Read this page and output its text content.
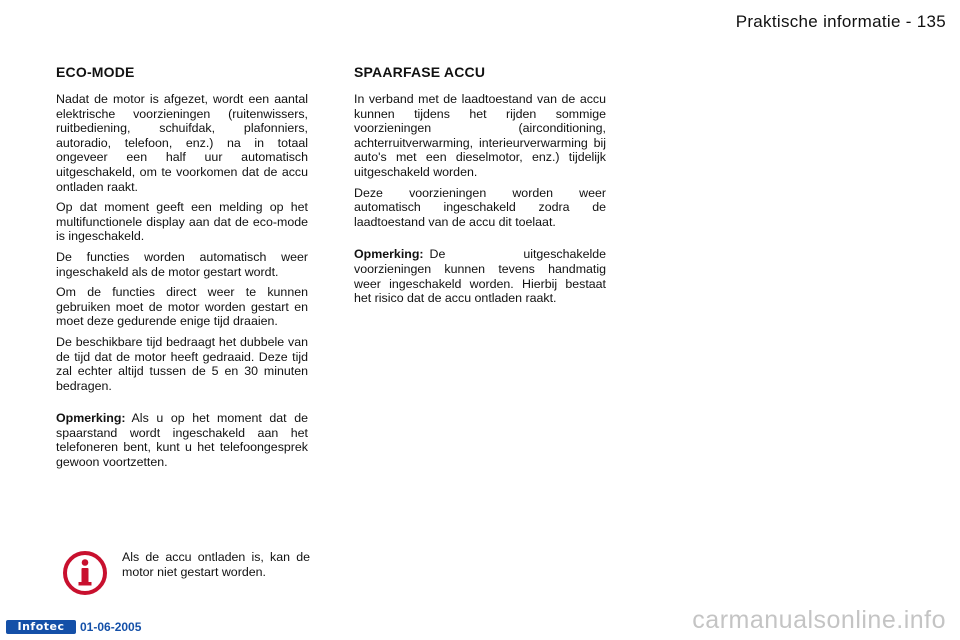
Praktische informatie - 135
ECO-MODE

Nadat de motor is afgezet, wordt een aantal elektrische voorzieningen (ruitenwissers, ruitbediening, schuifdak, plafonniers, autoradio, telefoon, enz.) na in totaal ongeveer een half uur automatisch uitgeschakeld, om te voorkomen dat de accu ontladen raakt.

Op dat moment geeft een melding op het multifunctionele display aan dat de eco-mode is ingeschakeld.

De functies worden automatisch weer ingeschakeld als de motor gestart wordt.

Om de functies direct weer te kunnen gebruiken moet de motor worden gestart en moet deze gedurende enige tijd draaien.

De beschikbare tijd bedraagt het dubbele van de tijd dat de motor heeft gedraaid. Deze tijd zal echter altijd tussen de 5 en 30 minuten bedragen.

Opmerking: Als u op het moment dat de spaarstand wordt ingeschakeld aan het telefoneren bent, kunt u het telefoongesprek gewoon voortzetten.

Als de accu ontladen is, kan de motor niet gestart worden.
SPAARFASE ACCU

In verband met de laadtoestand van de accu kunnen tijdens het rijden sommige voorzieningen (airconditioning, achterruitverwarming, interieurverwarming bij auto's met een dieselmotor, enz.) tijdelijk uitgeschakeld worden.

Deze voorzieningen worden weer automatisch ingeschakeld zodra de laadtoestand van de accu dit toelaat.

Opmerking: De uitgeschakelde voorzieningen kunnen tevens handmatig weer ingeschakeld worden. Hierbij bestaat het risico dat de accu ontladen raakt.

Infotec	01-06-2005	carmanualsonline.info
